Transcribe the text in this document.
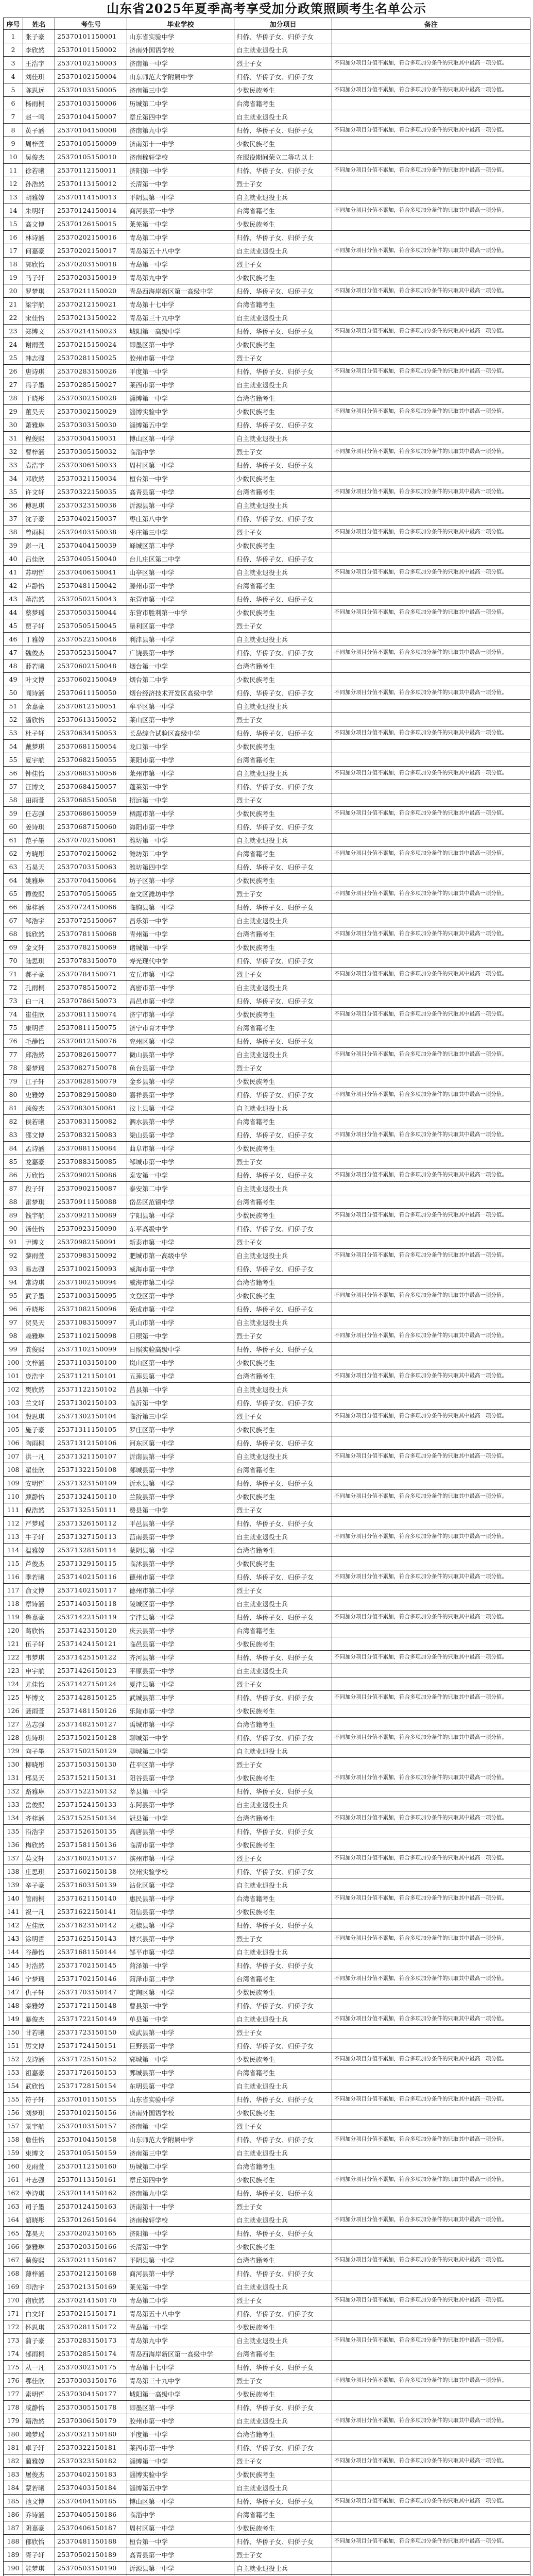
山东省2025年夏季高考享受加分政策照顾考生名单公示
序号	姓名	考生号	毕业学校	加分项目	备注
1	张子豪	25370101150001	山东省实验中学	归侨、华侨子女、归侨子女	
2	李欣然	25370101150002	济南外国语学校	自主就业退役士兵	
3	王浩宇	25370102150003	济南第一中学	烈士子女	不同加分项目分值不累加，符合多项加分条件的只取其中最高一项分值。
4	刘佳琪	25370102150004	山东师范大学附属中学	归侨、华侨子女、归侨子女	
5	陈思远	25370103150005	济南第三中学	少数民族考生	不同加分项目分值不累加，符合多项加分条件的只取其中最高一项分值。
6	杨雨桐	25370103150006	历城第二中学	台湾省籍考生	
7	赵一鸣	25370104150007	章丘第四中学	自主就业退役士兵	
8	黄子涵	25370104150008	济南第九中学	归侨、华侨子女、归侨子女	不同加分项目分值不累加，符合多项加分条件的只取其中最高一项分值。
9	周梓萱	25370105150009	济南第十一中学	少数民族考生	
10	吴俊杰	25370105150010	济南稼轩学校	在服役期间荣立二等功以上	
11	徐若曦	25370112150011	济阳第一中学	归侨、华侨子女、归侨子女	不同加分项目分值不累加，符合多项加分条件的只取其中最高一项分值。
12	孙浩然	25370113150012	长清第一中学	烈士子女	
13	胡雅婷	25370114150013	平阴县第一中学	自主就业退役士兵	
14	朱明轩	25370124150014	商河县第一中学	台湾省籍考生	不同加分项目分值不累加，符合多项加分条件的只取其中最高一项分值。
15	高文博	25370126150015	莱芜第一中学	少数民族考生	
16	林诗涵	25370202150016	青岛第二中学	归侨、华侨子女、归侨子女	
17	何嘉豪	25370202150017	青岛第五十八中学	自主就业退役士兵	不同加分项目分值不累加，符合多项加分条件的只取其中最高一项分值。
18	郭欣怡	25370203150018	青岛第一中学	烈士子女	
19	马子轩	25370203150019	青岛第九中学	少数民族考生	
20	罗梦琪	25370211150020	青岛西海岸新区第一高级中学	归侨、华侨子女、归侨子女	不同加分项目分值不累加，符合多项加分条件的只取其中最高一项分值。
21	梁宇航	25370212150021	青岛第十七中学	台湾省籍考生	
22	宋佳怡	25370213150022	青岛第三十九中学	自主就业退役士兵	
23	郑博文	25370214150023	城阳第一高级中学	归侨、华侨子女、归侨子女	不同加分项目分值不累加，符合多项加分条件的只取其中最高一项分值。
24	谢雨萱	25370215150024	即墨区第一中学	少数民族考生	
25	韩志强	25370281150025	胶州市第一中学	烈士子女	
26	唐诗琪	25370283150026	平度第一中学	归侨、华侨子女、归侨子女	不同加分项目分值不累加，符合多项加分条件的只取其中最高一项分值。
27	冯子墨	25370285150027	莱西市第一中学	自主就业退役士兵	
28	于晓彤	25370302150028	淄博第一中学	台湾省籍考生	
29	董昊天	25370302150029	淄博实验中学	少数民族考生	不同加分项目分值不累加，符合多项加分条件的只取其中最高一项分值。
30	萧雅琳	25370303150030	淄博第五中学	归侨、华侨子女、归侨子女	
31	程俊熙	25370304150031	博山区第一中学	自主就业退役士兵	
32	曹梓涵	25370305150032	临淄中学	烈士子女	不同加分项目分值不累加，符合多项加分条件的只取其中最高一项分值。
33	袁浩宇	25370306150033	周村区第一中学	归侨、华侨子女、归侨子女	
34	邓欣然	25370321150034	桓台第一中学	少数民族考生	
35	许文轩	25370322150035	高青县第一中学	台湾省籍考生	不同加分项目分值不累加，符合多项加分条件的只取其中最高一项分值。
36	傅思琪	25370323150036	沂源县第一中学	自主就业退役士兵	
37	沈子豪	25370402150037	枣庄第八中学	归侨、华侨子女、归侨子女	
38	曾雨桐	25370403150038	枣庄第三中学	烈士子女	不同加分项目分值不累加，符合多项加分条件的只取其中最高一项分值。
39	彭一凡	25370404150039	峄城区第二中学	少数民族考生	
40	吕佳欣	25370405150040	台儿庄区第二中学	归侨、华侨子女、归侨子女	
41	苏明哲	25370406150041	山亭区第一中学	自主就业退役士兵	不同加分项目分值不累加，符合多项加分条件的只取其中最高一项分值。
42	卢静怡	25370481150042	滕州市第一中学	台湾省籍考生	
43	蒋浩然	25370502150043	东营市第一中学	归侨、华侨子女、归侨子女	
44	蔡梦瑶	25370503150044	东营市胜利第一中学	少数民族考生	不同加分项目分值不累加，符合多项加分条件的只取其中最高一项分值。
45	贾子轩	25370505150045	垦利区第一中学	烈士子女	
46	丁雅婷	25370522150046	利津县第一中学	自主就业退役士兵	
47	魏俊杰	25370523150047	广饶县第一中学	归侨、华侨子女、归侨子女	不同加分项目分值不累加，符合多项加分条件的只取其中最高一项分值。
48	薛若曦	25370602150048	烟台第一中学	台湾省籍考生	
49	叶文博	25370602150049	烟台第二中学	少数民族考生	
50	阎诗涵	25370611150050	烟台经济技术开发区高级中学	归侨、华侨子女、归侨子女	不同加分项目分值不累加，符合多项加分条件的只取其中最高一项分值。
51	余嘉豪	25370612150051	牟平区第一中学	自主就业退役士兵	
52	潘欣怡	25370613150052	莱山区第一中学	烈士子女	
53	杜子轩	25370634150053	长岛综合试验区高级中学	归侨、华侨子女、归侨子女	不同加分项目分值不累加，符合多项加分条件的只取其中最高一项分值。
54	戴梦琪	25370681150054	龙口第一中学	少数民族考生	
55	夏宇航	25370682150055	莱阳市第一中学	台湾省籍考生	
56	钟佳怡	25370683150056	莱州市第一中学	自主就业退役士兵	不同加分项目分值不累加，符合多项加分条件的只取其中最高一项分值。
57	汪博文	25370684150057	蓬莱第一中学	归侨、华侨子女、归侨子女	
58	田雨萱	25370685150058	招远第一中学	烈士子女	
59	任志强	25370686150059	栖霞市第一中学	少数民族考生	不同加分项目分值不累加，符合多项加分条件的只取其中最高一项分值。
60	姜诗琪	25370687150060	海阳市第一中学	归侨、华侨子女、归侨子女	
61	范子墨	25370702150061	潍坊第一中学	自主就业退役士兵	
62	方晓彤	25370702150062	潍坊第二中学	台湾省籍考生	不同加分项目分值不累加，符合多项加分条件的只取其中最高一项分值。
63	石昊天	25370703150063	潍坊第四中学	归侨、华侨子女、归侨子女	
64	姚雅琳	25370704150064	坊子区第一中学	少数民族考生	
65	谭俊熙	25370705150065	奎文区潍坊中学	烈士子女	不同加分项目分值不累加，符合多项加分条件的只取其中最高一项分值。
66	廖梓涵	25370724150066	临朐县第一中学	归侨、华侨子女、归侨子女	
67	邹浩宇	25370725150067	昌乐第一中学	自主就业退役士兵	
68	熊欣然	25370781150068	青州第一中学	台湾省籍考生	不同加分项目分值不累加，符合多项加分条件的只取其中最高一项分值。
69	金文轩	25370782150069	诸城第一中学	少数民族考生	
70	陆思琪	25370783150070	寿光现代中学	归侨、华侨子女、归侨子女	
71	郝子豪	25370784150071	安丘市第一中学	烈士子女	不同加分项目分值不累加，符合多项加分条件的只取其中最高一项分值。
72	孔雨桐	25370785150072	高密市第一中学	自主就业退役士兵	
73	白一凡	25370786150073	昌邑市第一中学	归侨、华侨子女、归侨子女	
74	崔佳欣	25370811150074	济宁市第一中学	少数民族考生	不同加分项目分值不累加，符合多项加分条件的只取其中最高一项分值。
75	康明哲	25370811150075	济宁市育才中学	台湾省籍考生	
76	毛静怡	25370812150076	兖州区第一中学	归侨、华侨子女、归侨子女	
77	邱浩然	25370826150077	微山县第一中学	自主就业退役士兵	不同加分项目分值不累加，符合多项加分条件的只取其中最高一项分值。
78	秦梦瑶	25370827150078	鱼台县第一中学	烈士子女	
79	江子轩	25370828150079	金乡县第一中学	少数民族考生	
80	史雅婷	25370829150080	嘉祥县第一中学	归侨、华侨子女、归侨子女	不同加分项目分值不累加，符合多项加分条件的只取其中最高一项分值。
81	顾俊杰	25370830150081	汶上县第一中学	自主就业退役士兵	
82	侯若曦	25370831150082	泗水县第一中学	台湾省籍考生	
83	邵文博	25370832150083	梁山县第一中学	归侨、华侨子女、归侨子女	不同加分项目分值不累加，符合多项加分条件的只取其中最高一项分值。
84	孟诗涵	25370881150084	曲阜市第一中学	少数民族考生	
85	龙嘉豪	25370883150085	邹城市第一中学	烈士子女	
86	万欣怡	25370902150086	泰安第一中学	归侨、华侨子女、归侨子女	不同加分项目分值不累加，符合多项加分条件的只取其中最高一项分值。
87	段子轩	25370902150087	泰安第二中学	自主就业退役士兵	
88	雷梦琪	25370911150088	岱岳区范镇中学	台湾省籍考生	
89	钱宇航	25370921150089	宁阳县第一中学	少数民族考生	不同加分项目分值不累加，符合多项加分条件的只取其中最高一项分值。
90	汤佳怡	25370923150090	东平高级中学	归侨、华侨子女、归侨子女	
91	尹博文	25370982150091	新泰市第一中学	烈士子女	
92	黎雨萱	25370983150092	肥城市第一高级中学	自主就业退役士兵	不同加分项目分值不累加，符合多项加分条件的只取其中最高一项分值。
93	易志强	25371002150093	威海市第一中学	归侨、华侨子女、归侨子女	
94	常诗琪	25371002150094	威海市第二中学	台湾省籍考生	
95	武子墨	25371003150095	文登区第一中学	少数民族考生	不同加分项目分值不累加，符合多项加分条件的只取其中最高一项分值。
96	乔晓彤	25371082150096	荣成市第一中学	归侨、华侨子女、归侨子女	
97	贺昊天	25371083150097	乳山市第一中学	自主就业退役士兵	
98	赖雅琳	25371102150098	日照第一中学	烈士子女	不同加分项目分值不累加，符合多项加分条件的只取其中最高一项分值。
99	龚俊熙	25371102150099	日照实验高级中学	归侨、华侨子女、归侨子女	
100	文梓涵	25371103150100	岚山区第一中学	少数民族考生	
101	庞浩宇	25371121150101	五莲县第一中学	台湾省籍考生	不同加分项目分值不累加，符合多项加分条件的只取其中最高一项分值。
102	樊欣然	25371122150102	莒县第一中学	自主就业退役士兵	
103	兰文轩	25371302150103	临沂第一中学	归侨、华侨子女、归侨子女	
104	殷思琪	25371302150104	临沂第三中学	烈士子女	不同加分项目分值不累加，符合多项加分条件的只取其中最高一项分值。
105	施子豪	25371311150105	罗庄区第一中学	少数民族考生	
106	陶雨桐	25371312150106	河东区第一中学	归侨、华侨子女、归侨子女	
107	洪一凡	25371321150107	沂南县第一中学	自主就业退役士兵	不同加分项目分值不累加，符合多项加分条件的只取其中最高一项分值。
108	翟佳欣	25371322150108	郯城县第一中学	台湾省籍考生	
109	安明哲	25371323150109	沂水县第一中学	归侨、华侨子女、归侨子女	
110	颜静怡	25371324150110	兰陵县第一中学	少数民族考生	不同加分项目分值不累加，符合多项加分条件的只取其中最高一项分值。
111	倪浩然	25371325150111	费县第一中学	烈士子女	
112	严梦瑶	25371326150112	平邑县第一中学	归侨、华侨子女、归侨子女	
113	牛子轩	25371327150113	莒南县第一中学	自主就业退役士兵	不同加分项目分值不累加，符合多项加分条件的只取其中最高一项分值。
114	温雅婷	25371328150114	蒙阴县第一中学	台湾省籍考生	
115	芦俊杰	25371329150115	临沭县第一中学	少数民族考生	
116	季若曦	25371402150116	德州市第一中学	归侨、华侨子女、归侨子女	不同加分项目分值不累加，符合多项加分条件的只取其中最高一项分值。
117	俞文博	25371402150117	德州市第二中学	烈士子女	
118	章诗涵	25371403150118	陵城区第一中学	自主就业退役士兵	
119	鲁嘉豪	25371422150119	宁津县第一中学	归侨、华侨子女、归侨子女	不同加分项目分值不累加，符合多项加分条件的只取其中最高一项分值。
120	葛欣怡	25371423150120	庆云县第一中学	台湾省籍考生	
121	伍子轩	25371424150121	临邑县第一中学	少数民族考生	
122	韦梦琪	25371425150122	齐河县第一中学	归侨、华侨子女、归侨子女	不同加分项目分值不累加，符合多项加分条件的只取其中最高一项分值。
123	申宇航	25371426150123	平原县第一中学	自主就业退役士兵	
124	尤佳怡	25371427150124	夏津县第一中学	烈士子女	
125	毕博文	25371428150125	武城县第二中学	归侨、华侨子女、归侨子女	不同加分项目分值不累加，符合多项加分条件的只取其中最高一项分值。
126	聂雨萱	25371481150126	乐陵市第一中学	少数民族考生	
127	丛志强	25371482150127	禹城市第一中学	台湾省籍考生	
128	焦诗琪	25371502150128	聊城第一中学	归侨、华侨子女、归侨子女	不同加分项目分值不累加，符合多项加分条件的只取其中最高一项分值。
129	向子墨	25371502150129	聊城第二中学	自主就业退役士兵	
130	柳晓彤	25371503150130	茌平区第一中学	烈士子女	
131	邢昊天	25371521150131	阳谷县第一中学	少数民族考生	不同加分项目分值不累加，符合多项加分条件的只取其中最高一项分值。
132	路雅琳	25371522150132	莘县第一中学	归侨、华侨子女、归侨子女	
133	岳俊熙	25371524150133	东阿县第一中学	自主就业退役士兵	
134	齐梓涵	25371525150134	冠县第一中学	台湾省籍考生	不同加分项目分值不累加，符合多项加分条件的只取其中最高一项分值。
135	沿浩宇	25371526150135	高唐县第一中学	归侨、华侨子女、归侨子女	
136	梅欣然	25371581150136	临清市第一中学	少数民族考生	
137	莫文轩	25371602150137	滨州市第一中学	烈士子女	不同加分项目分值不累加，符合多项加分条件的只取其中最高一项分值。
138	庄思琪	25371602150138	滨州实验学校	归侨、华侨子女、归侨子女	
139	辛子豪	25371603150139	沾化区第一中学	自主就业退役士兵	
140	管雨桐	25371621150140	惠民县第一中学	台湾省籍考生	不同加分项目分值不累加，符合多项加分条件的只取其中最高一项分值。
141	祝一凡	25371622150141	阳信县第一中学	少数民族考生	
142	左佳欣	25371623150142	无棣县第一中学	归侨、华侨子女、归侨子女	
143	涂明哲	25371625150143	博兴县第一中学	烈士子女	不同加分项目分值不累加，符合多项加分条件的只取其中最高一项分值。
144	谷静怡	25371681150144	邹平市第一中学	自主就业退役士兵	
145	时浩然	25371702150145	菏泽第一中学	归侨、华侨子女、归侨子女	
146	宁梦瑶	25371702150146	菏泽市第二中学	台湾省籍考生	不同加分项目分值不累加，符合多项加分条件的只取其中最高一项分值。
147	仇子轩	25371703150147	定陶区第一中学	少数民族考生	
148	栾雅婷	25371721150148	曹县第一中学	归侨、华侨子女、归侨子女	
149	暴俊杰	25371722150149	单县第一中学	自主就业退役士兵	不同加分项目分值不累加，符合多项加分条件的只取其中最高一项分值。
150	甘若曦	25371723150150	成武县第一中学	烈士子女	
151	厉文博	25371724150151	巨野县第一中学	归侨、华侨子女、归侨子女	
152	戎诗涵	25371725150152	郓城第一中学	少数民族考生	不同加分项目分值不累加，符合多项加分条件的只取其中最高一项分值。
153	祖嘉豪	25371726150153	鄄城县第一中学	台湾省籍考生	
154	武欣怡	25371728150154	东明县第一中学	自主就业退役士兵	
155	符子轩	25370101150155	山东省实验中学	归侨、华侨子女、归侨子女	不同加分项目分值不累加，符合多项加分条件的只取其中最高一项分值。
156	刘梦琪	25370102150156	济南外国语学校	少数民族考生	
157	景宇航	25370103150157	济南第一中学	烈士子女	
158	詹佳怡	25370104150158	山东师范大学附属中学	归侨、华侨子女、归侨子女	不同加分项目分值不累加，符合多项加分条件的只取其中最高一项分值。
159	束博文	25370105150159	济南第三中学	自主就业退役士兵	
160	龙雨萱	25370112150160	历城第二中学	台湾省籍考生	
161	叶志强	25370113150161	章丘第四中学	少数民族考生	不同加分项目分值不累加，符合多项加分条件的只取其中最高一项分值。
162	幸诗琪	25370114150162	济南第九中学	归侨、华侨子女、归侨子女	
163	司子墨	25370124150163	济南第十一中学	烈士子女	
164	韶晓彤	25370126150164	济南稼轩学校	自主就业退役士兵	不同加分项目分值不累加，符合多项加分条件的只取其中最高一项分值。
165	郜昊天	25370202150165	济阳第一中学	归侨、华侨子女、归侨子女	
166	黎雅琳	25370203150166	长清第一中学	少数民族考生	
167	蓟俊熙	25370211150167	平阴县第一中学	台湾省籍考生	不同加分项目分值不累加，符合多项加分条件的只取其中最高一项分值。
168	薄梓涵	25370212150168	商河县第一中学	归侨、华侨子女、归侨子女	
169	印浩宇	25370213150169	莱芜第一中学	自主就业退役士兵	
170	宿欣然	25370214150170	青岛第二中学	烈士子女	不同加分项目分值不累加，符合多项加分条件的只取其中最高一项分值。
171	白文轩	25370215150171	青岛第五十八中学	归侨、华侨子女、归侨子女	
172	怀思琪	25370281150172	青岛第一中学	少数民族考生	
173	蒲子豪	25370283150173	青岛第九中学	自主就业退役士兵	不同加分项目分值不累加，符合多项加分条件的只取其中最高一项分值。
174	邰雨桐	25370285150174	青岛西海岸新区第一高级中学	台湾省籍考生	
175	从一凡	25370302150175	青岛第十七中学	归侨、华侨子女、归侨子女	
176	鄂佳欣	25370303150176	青岛第三十九中学	烈士子女	不同加分项目分值不累加，符合多项加分条件的只取其中最高一项分值。
177	索明哲	25370304150177	城阳第一高级中学	少数民族考生	
178	咸静怡	25370305150178	即墨区第一中学	归侨、华侨子女、归侨子女	
179	籍浩然	25370306150179	胶州市第一中学	自主就业退役士兵	不同加分项目分值不累加，符合多项加分条件的只取其中最高一项分值。
180	赖梦瑶	25370321150180	平度第一中学	台湾省籍考生	
181	卓子轩	25370322150181	莱西市第一中学	归侨、华侨子女、归侨子女	
182	蔺雅婷	25370323150182	淄博第一中学	烈士子女	不同加分项目分值不累加，符合多项加分条件的只取其中最高一项分值。
183	屠俊杰	25370402150183	淄博实验中学	少数民族考生	
184	蒙若曦	25370403150184	淄博第五中学	自主就业退役士兵	
185	池文博	25370404150185	博山区第一中学	归侨、华侨子女、归侨子女	不同加分项目分值不累加，符合多项加分条件的只取其中最高一项分值。
186	乔诗涵	25370405150186	临淄中学	台湾省籍考生	
187	阴嘉豪	25370406150187	周村区第一中学	少数民族考生	
188	郁欣怡	25370481150188	桓台第一中学	归侨、华侨子女、归侨子女	不同加分项目分值不累加，符合多项加分条件的只取其中最高一项分值。
189	胥子轩	25370502150189	高青县第一中学	烈士子女	
190	能梦琪	25370503150190	沂源县第一中学	自主就业退役士兵	
